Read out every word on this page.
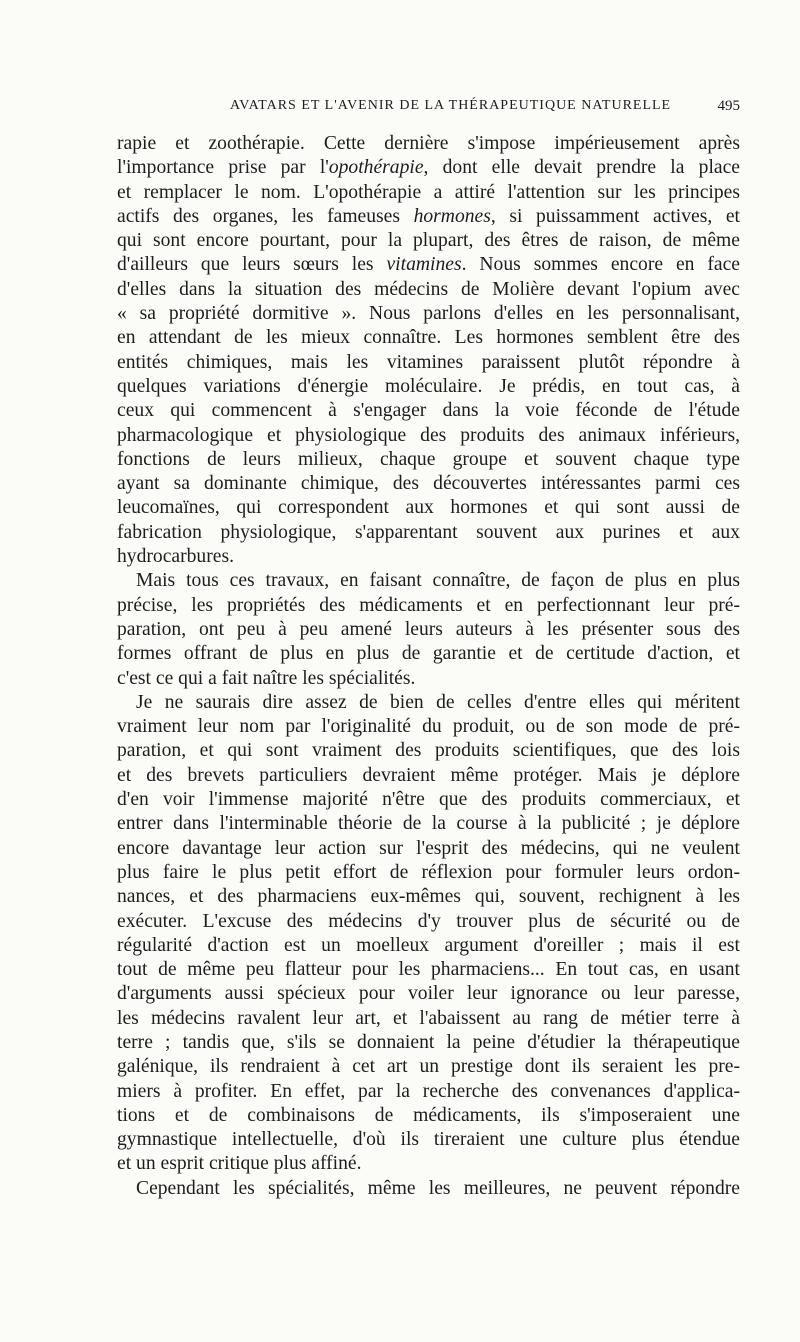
AVATARS ET L'AVENIR DE LA THÉRAPEUTIQUE NATURELLE	495
rapie et zoothérapie. Cette dernière s'impose impérieusement après
l'importance prise par l'opothérapie, dont elle devait prendre la place
et remplacer le nom. L'opothérapie a attiré l'attention sur les principes
actifs des organes, les fameuses hormones, si puissamment actives, et
qui sont encore pourtant, pour la plupart, des êtres de raison, de même
d'ailleurs que leurs sœurs les vitamines. Nous sommes encore en face
d'elles dans la situation des médecins de Molière devant l'opium avec
« sa propriété dormitive ». Nous parlons d'elles en les personnalisant,
en attendant de les mieux connaître. Les hormones semblent être des
entités chimiques, mais les vitamines paraissent plutôt répondre à
quelques variations d'énergie moléculaire. Je prédis, en tout cas, à
ceux qui commencent à s'engager dans la voie féconde de l'étude
pharmacologique et physiologique des produits des animaux inférieurs,
fonctions de leurs milieux, chaque groupe et souvent chaque type
ayant sa dominante chimique, des découvertes intéressantes parmi ces
leucomaïnes, qui correspondent aux hormones et qui sont aussi de
fabrication physiologique, s'apparentant souvent aux purines et aux
hydrocarbures.
Mais tous ces travaux, en faisant connaître, de façon de plus en plus
précise, les propriétés des médicaments et en perfectionnant leur pré-
paration, ont peu à peu amené leurs auteurs à les présenter sous des
formes offrant de plus en plus de garantie et de certitude d'action, et
c'est ce qui a fait naître les spécialités.
Je ne saurais dire assez de bien de celles d'entre elles qui méritent
vraiment leur nom par l'originalité du produit, ou de son mode de pré-
paration, et qui sont vraiment des produits scientifiques, que des lois
et des brevets particuliers devraient même protéger. Mais je déplore
d'en voir l'immense majorité n'être que des produits commerciaux, et
entrer dans l'interminable théorie de la course à la publicité ; je déplore
encore davantage leur action sur l'esprit des médecins, qui ne veulent
plus faire le plus petit effort de réflexion pour formuler leurs ordon-
nances, et des pharmaciens eux-mêmes qui, souvent, rechignent à les
exécuter. L'excuse des médecins d'y trouver plus de sécurité ou de
régularité d'action est un moelleux argument d'oreiller ; mais il est
tout de même peu flatteur pour les pharmaciens... En tout cas, en usant
d'arguments aussi spécieux pour voiler leur ignorance ou leur paresse,
les médecins ravalent leur art, et l'abaissent au rang de métier terre à
terre ; tandis que, s'ils se donnaient la peine d'étudier la thérapeutique
galénique, ils rendraient à cet art un prestige dont ils seraient les pre-
miers à profiter. En effet, par la recherche des convenances d'applica-
tions et de combinaisons de médicaments, ils s'imposeraient une
gymnastique intellectuelle, d'où ils tireraient une culture plus étendue
et un esprit critique plus affiné.
Cependant les spécialités, même les meilleures, ne peuvent répondre
